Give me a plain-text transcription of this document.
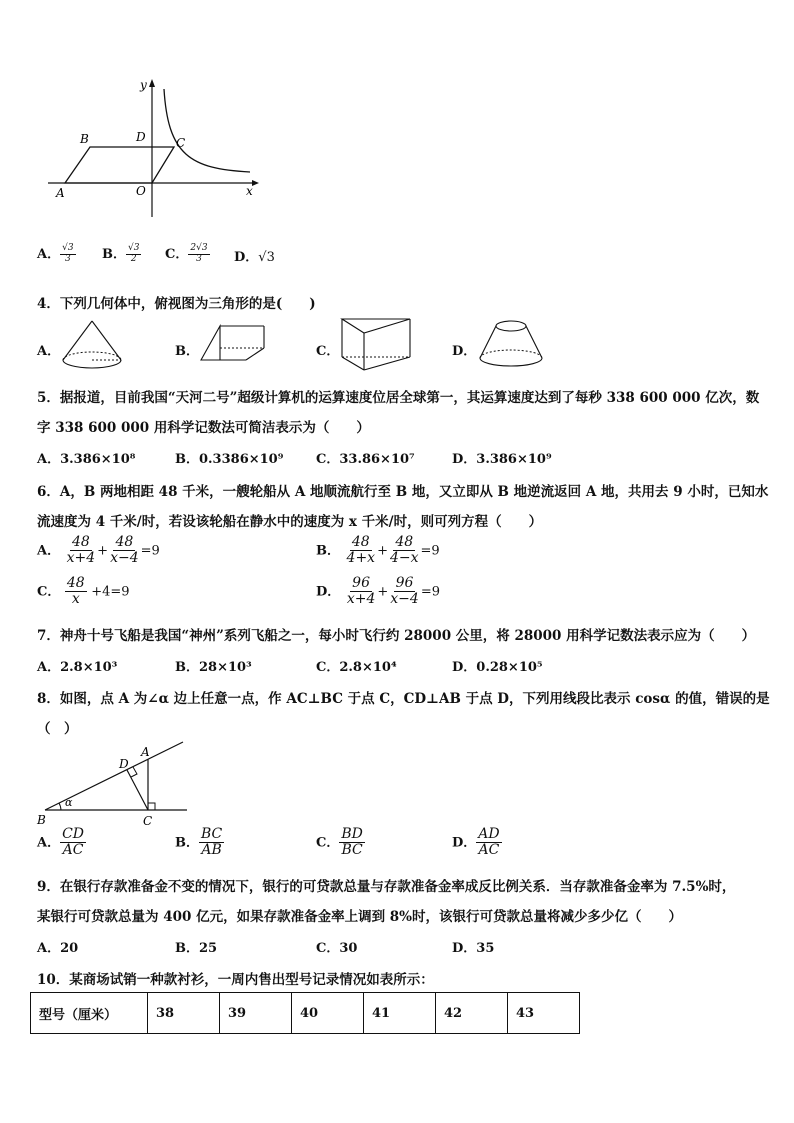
y
x
A
B	C
D
O
A． $\frac{√3}{3}$ B． $\frac{√3}{2}$ C． $\frac{2√3}{3}$ D．√3
4．下列几何体中，俯视图为三角形的是(　　)
A．	B．	C．	D．
5．据报道，目前我国“天河二号”超级计算机的运算速度位居全球第一，其运算速度达到了每秒 338 600 000 亿次，数
字 338 600 000 用科学记数法可简洁表示为（　　）
A．3.386×10⁸	B．0.3386×10⁹	C．33.86×10⁷	D．3.386×10⁹
6．A，B 两地相距 48 千米，一艘轮船从 A 地顺流航行至 B 地，又立即从 B 地逆流返回 A 地，共用去 9 小时，已知水
流速度为 4 千米/时，若设该轮船在静水中的速度为 x 千米/时，则可列方程（　　）
A． $\frac{48}{x+4} + \frac{48}{x-4} =9$	B． $\frac{48}{4+x} + \frac{48}{4-x} =9$
C． $\frac{48}{x} +4=9$	D． $\frac{96}{x+4} + \frac{96}{x-4} =9$
7．神舟十号飞船是我国“神州”系列飞船之一，每小时飞行约 28000 公里，将 28000 用科学记数法表示应为（　　）
A．2.8×10³	B．28×10³	C．2.8×10⁴	D．0.28×10⁵
8．如图，点 A 为∠α 边上任意一点，作 AC⊥BC 于点 C，CD⊥AB 于点 D，下列用线段比表示 cosα 的值，错误的是
（　）
α
A
B	C
D
A． $\frac{CD}{AC}$	B． $\frac{BC}{AB}$	C． $\frac{BD}{BC}$	D． $\frac{AD}{AC}$
9．在银行存款准备金不变的情况下，银行的可贷款总量与存款准备金率成反比例关系．当存款准备金率为 7.5%时，
某银行可贷款总量为 400 亿元，如果存款准备金率上调到 8%时，该银行可贷款总量将减少多少亿（　　）
A．20	B．25	C．30	D．35
10．某商场试销一种款衬衫，一周内售出型号记录情况如表所示：
型号（厘米）	38	39	40	41	42	43
